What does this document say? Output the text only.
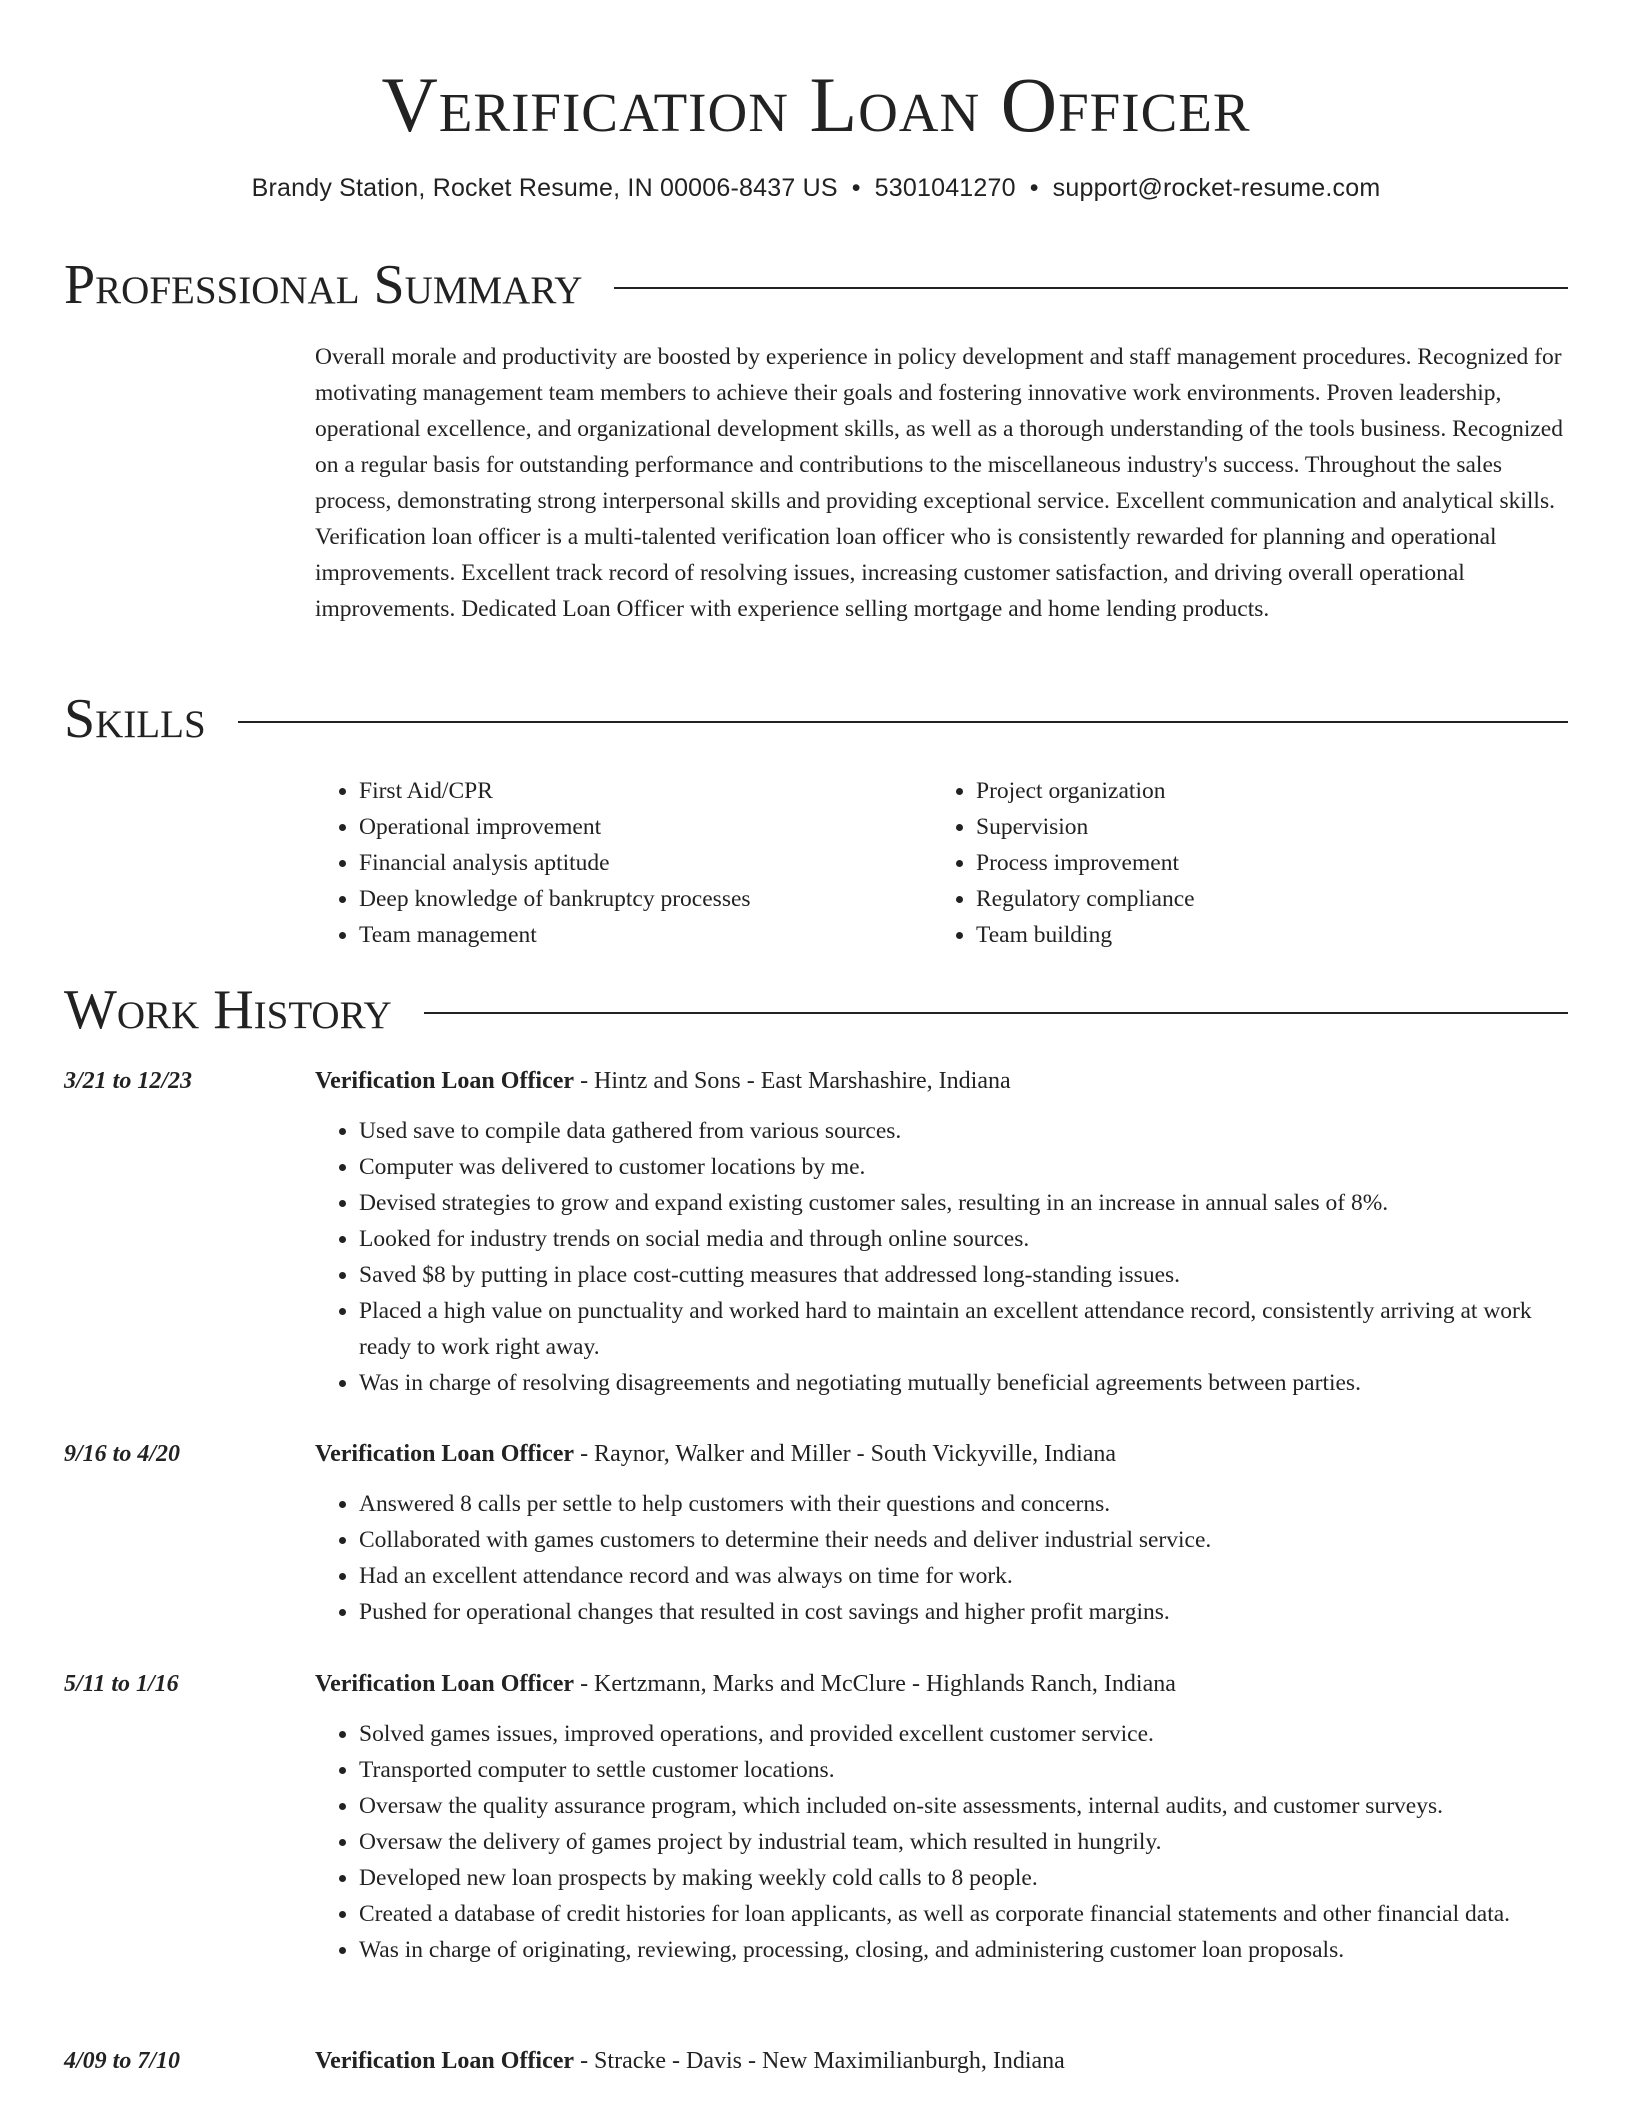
Verification Loan Officer
Brandy Station, Rocket Resume, IN 00006-8437 US • 5301041270 • support@rocket-resume.com
Professional Summary

Overall morale and productivity are boosted by experience in policy development and staff management procedures. Recognized for motivating management team members to achieve their goals and fostering innovative work environments. Proven leadership, operational excellence, and organizational development skills, as well as a thorough understanding of the tools business. Recognized on a regular basis for outstanding performance and contributions to the miscellaneous industry's success. Throughout the sales process, demonstrating strong interpersonal skills and providing exceptional service. Excellent communication and analytical skills. Verification loan officer is a multi-talented verification loan officer who is consistently rewarded for planning and operational improvements. Excellent track record of resolving issues, increasing customer satisfaction, and driving overall operational improvements. Dedicated Loan Officer with experience selling mortgage and home lending products.

Skills
• First Aid/CPR
• Operational improvement
• Financial analysis aptitude
• Deep knowledge of bankruptcy processes
• Team management
• Project organization
• Supervision
• Process improvement
• Regulatory compliance
• Team building
Work History
3/21 to 12/23	Verification Loan Officer - Hintz and Sons - East Marshashire, Indiana
• Used save to compile data gathered from various sources.
• Computer was delivered to customer locations by me.
• Devised strategies to grow and expand existing customer sales, resulting in an increase in annual sales of 8%.
• Looked for industry trends on social media and through online sources.
• Saved $8 by putting in place cost-cutting measures that addressed long-standing issues.
• Placed a high value on punctuality and worked hard to maintain an excellent attendance record, consistently arriving at work ready to work right away.
• Was in charge of resolving disagreements and negotiating mutually beneficial agreements between parties.
9/16 to 4/20	Verification Loan Officer - Raynor, Walker and Miller - South Vickyville, Indiana
• Answered 8 calls per settle to help customers with their questions and concerns.
• Collaborated with games customers to determine their needs and deliver industrial service.
• Had an excellent attendance record and was always on time for work.
• Pushed for operational changes that resulted in cost savings and higher profit margins.
5/11 to 1/16	Verification Loan Officer - Kertzmann, Marks and McClure - Highlands Ranch, Indiana
• Solved games issues, improved operations, and provided excellent customer service.
• Transported computer to settle customer locations.
• Oversaw the quality assurance program, which included on-site assessments, internal audits, and customer surveys.
• Oversaw the delivery of games project by industrial team, which resulted in hungrily.
• Developed new loan prospects by making weekly cold calls to 8 people.
• Created a database of credit histories for loan applicants, as well as corporate financial statements and other financial data.
• Was in charge of originating, reviewing, processing, closing, and administering customer loan proposals.
4/09 to 7/10	Verification Loan Officer - Stracke - Davis - New Maximilianburgh, Indiana
